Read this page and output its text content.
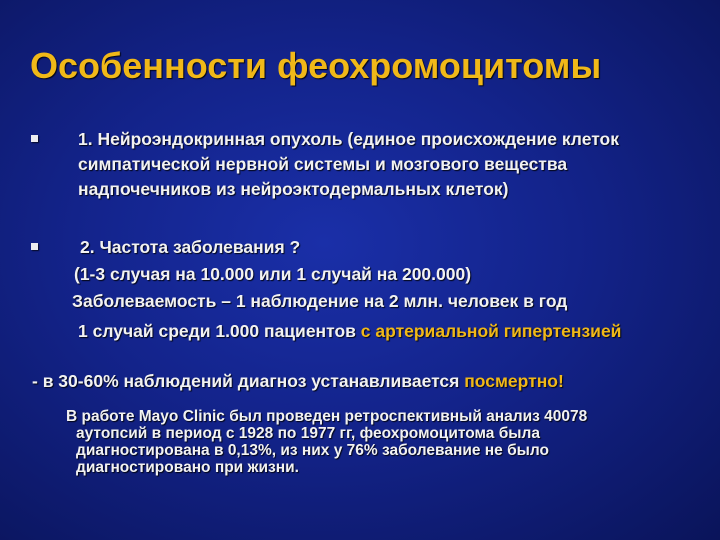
Особенности феохромоцитомы
1. Нейроэндокринная опухоль (единое происхождение клеток
симпатической нервной системы и мозгового вещества
надпочечников из нейроэктодермальных клеток)
2. Частота заболевания ?
(1-3 случая на 10.000 или 1 случай на 200.000)
Заболеваемость – 1 наблюдение на 2 млн. человек в год
1 случай среди 1.000 пациентов с артериальной гипертензией
- в 30-60% наблюдений диагноз устанавливается посмертно!
В работе Mayo Clinic был проведен ретроспективный анализ 40078
аутопсий в период с 1928 по 1977 гг, феохромоцитома была
диагностирована в 0,13%, из них у 76% заболевание не было
диагностировано при жизни.
